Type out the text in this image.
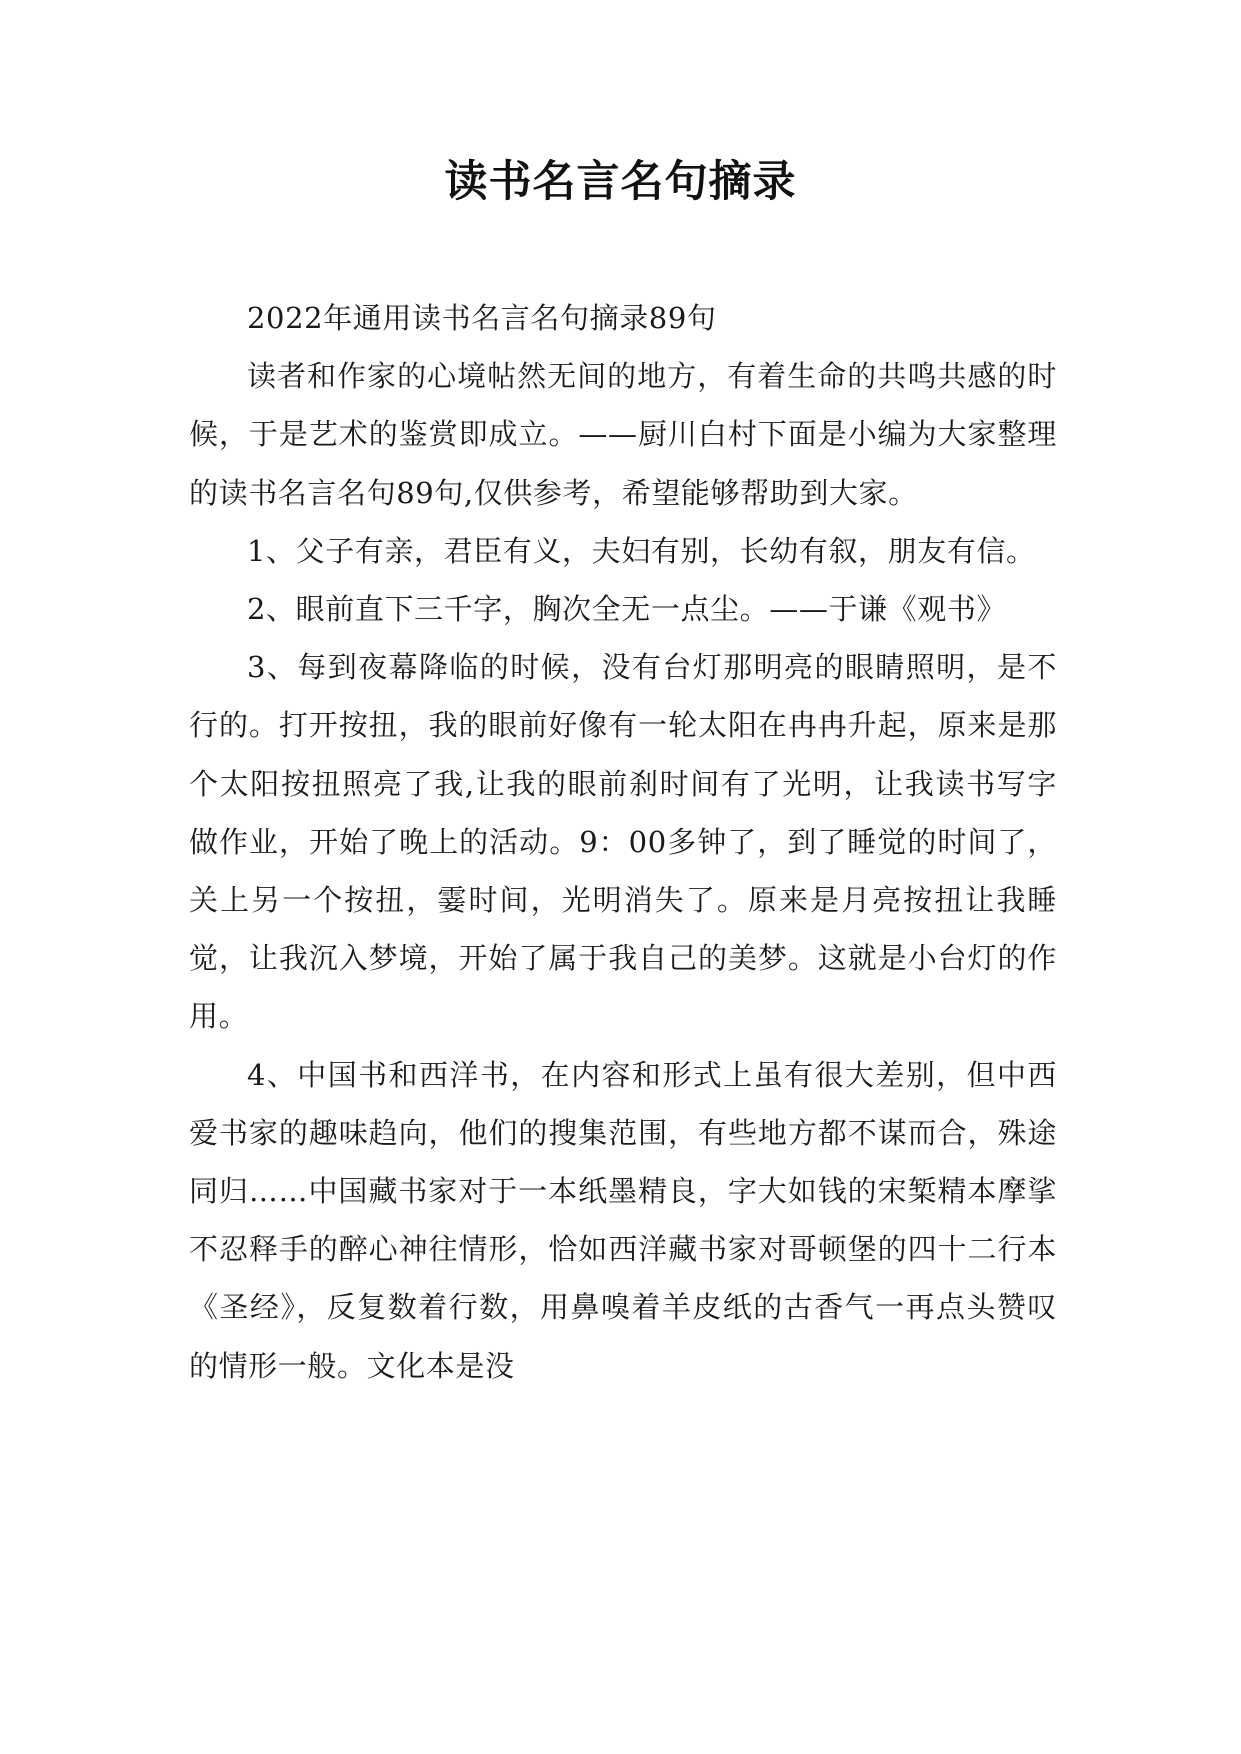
读书名言名句摘录

2022年通用读书名言名句摘录89句

读者和作家的心境帖然无间的地方，有着生命的共鸣共感的时候，于是艺术的鉴赏即成立。——厨川白村下面是小编为大家整理的读书名言名句89句,仅供参考，希望能够帮助到大家。

1、父子有亲，君臣有义，夫妇有别，长幼有叙，朋友有信。

2、眼前直下三千字，胸次全无一点尘。——于谦《观书》

3、每到夜幕降临的时候，没有台灯那明亮的眼睛照明，是不行的。打开按扭，我的眼前好像有一轮太阳在冉冉升起，原来是那个太阳按扭照亮了我,让我的眼前刹时间有了光明，让我读书写字做作业，开始了晚上的活动。9：00多钟了，到了睡觉的时间了，关上另一个按扭，霎时间，光明消失了。原来是月亮按扭让我睡觉，让我沉入梦境，开始了属于我自己的美梦。这就是小台灯的作用。

4、中国书和西洋书，在内容和形式上虽有很大差别，但中西爱书家的趣味趋向，他们的搜集范围，有些地方都不谋而合，殊途同归……中国藏书家对于一本纸墨精良，字大如钱的宋椠精本摩挲不忍释手的醉心神往情形，恰如西洋藏书家对哥顿堡的四十二行本《圣经》，反复数着行数，用鼻嗅着羊皮纸的古香气一再点头赞叹的情形一般。文化本是没
